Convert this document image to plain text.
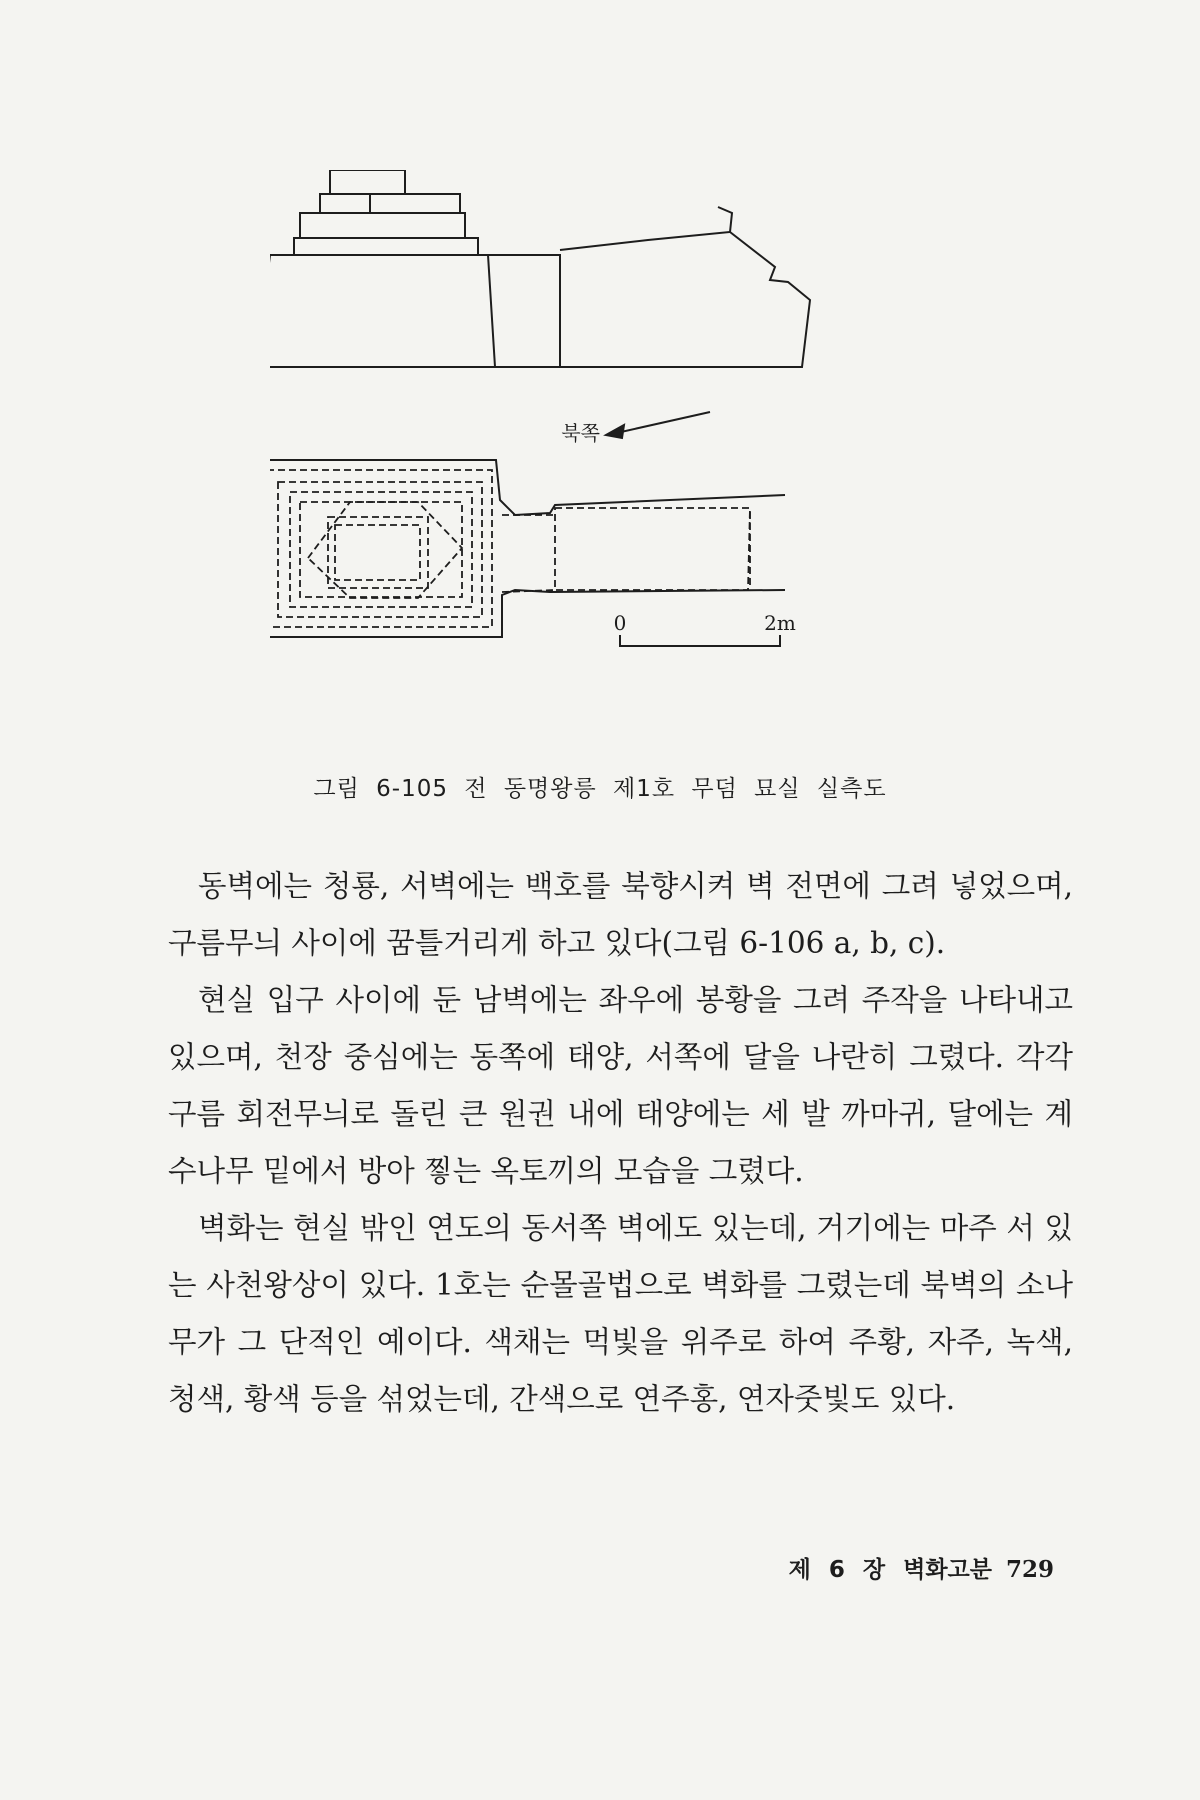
북쪽
0	2m
그림 6-105 전 동명왕릉 제1호 무덤 묘실 실측도

동벽에는 청룡, 서벽에는 백호를 북향시켜 벽 전면에 그려 넣었으며, 구름무늬 사이에 꿈틀거리게 하고 있다(그림 6-106 a, b, c).

현실 입구 사이에 둔 남벽에는 좌우에 봉황을 그려 주작을 나타내고 있으며, 천장 중심에는 동쪽에 태양, 서쪽에 달을 나란히 그렸다. 각각 구름 회전무늬로 돌린 큰 원권 내에 태양에는 세 발 까마귀, 달에는 계수나무 밑에서 방아 찧는 옥토끼의 모습을 그렸다.

벽화는 현실 밖인 연도의 동서쪽 벽에도 있는데, 거기에는 마주 서 있는 사천왕상이 있다. 1호는 순몰골법으로 벽화를 그렸는데 북벽의 소나무가 그 단적인 예이다. 색채는 먹빛을 위주로 하여 주황, 자주, 녹색, 청색, 황색 등을 섞었는데, 간색으로 연주홍, 연자줏빛도 있다.

제 6 장 벽화고분 729
